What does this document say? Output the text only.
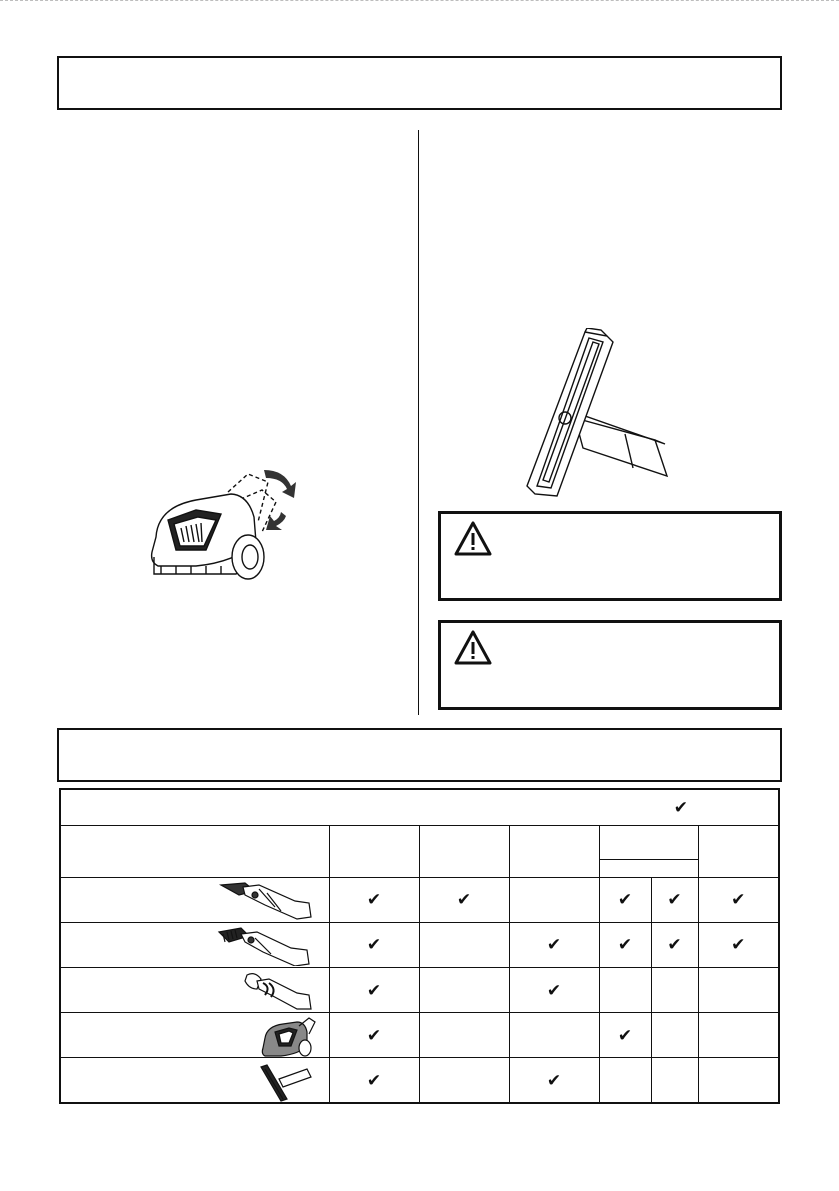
✔						

	✔	✔		✔	✔	✔

	✔		✔	✔	✔	✔

	✔		✔			

	✔			✔		

	✔		✔			
